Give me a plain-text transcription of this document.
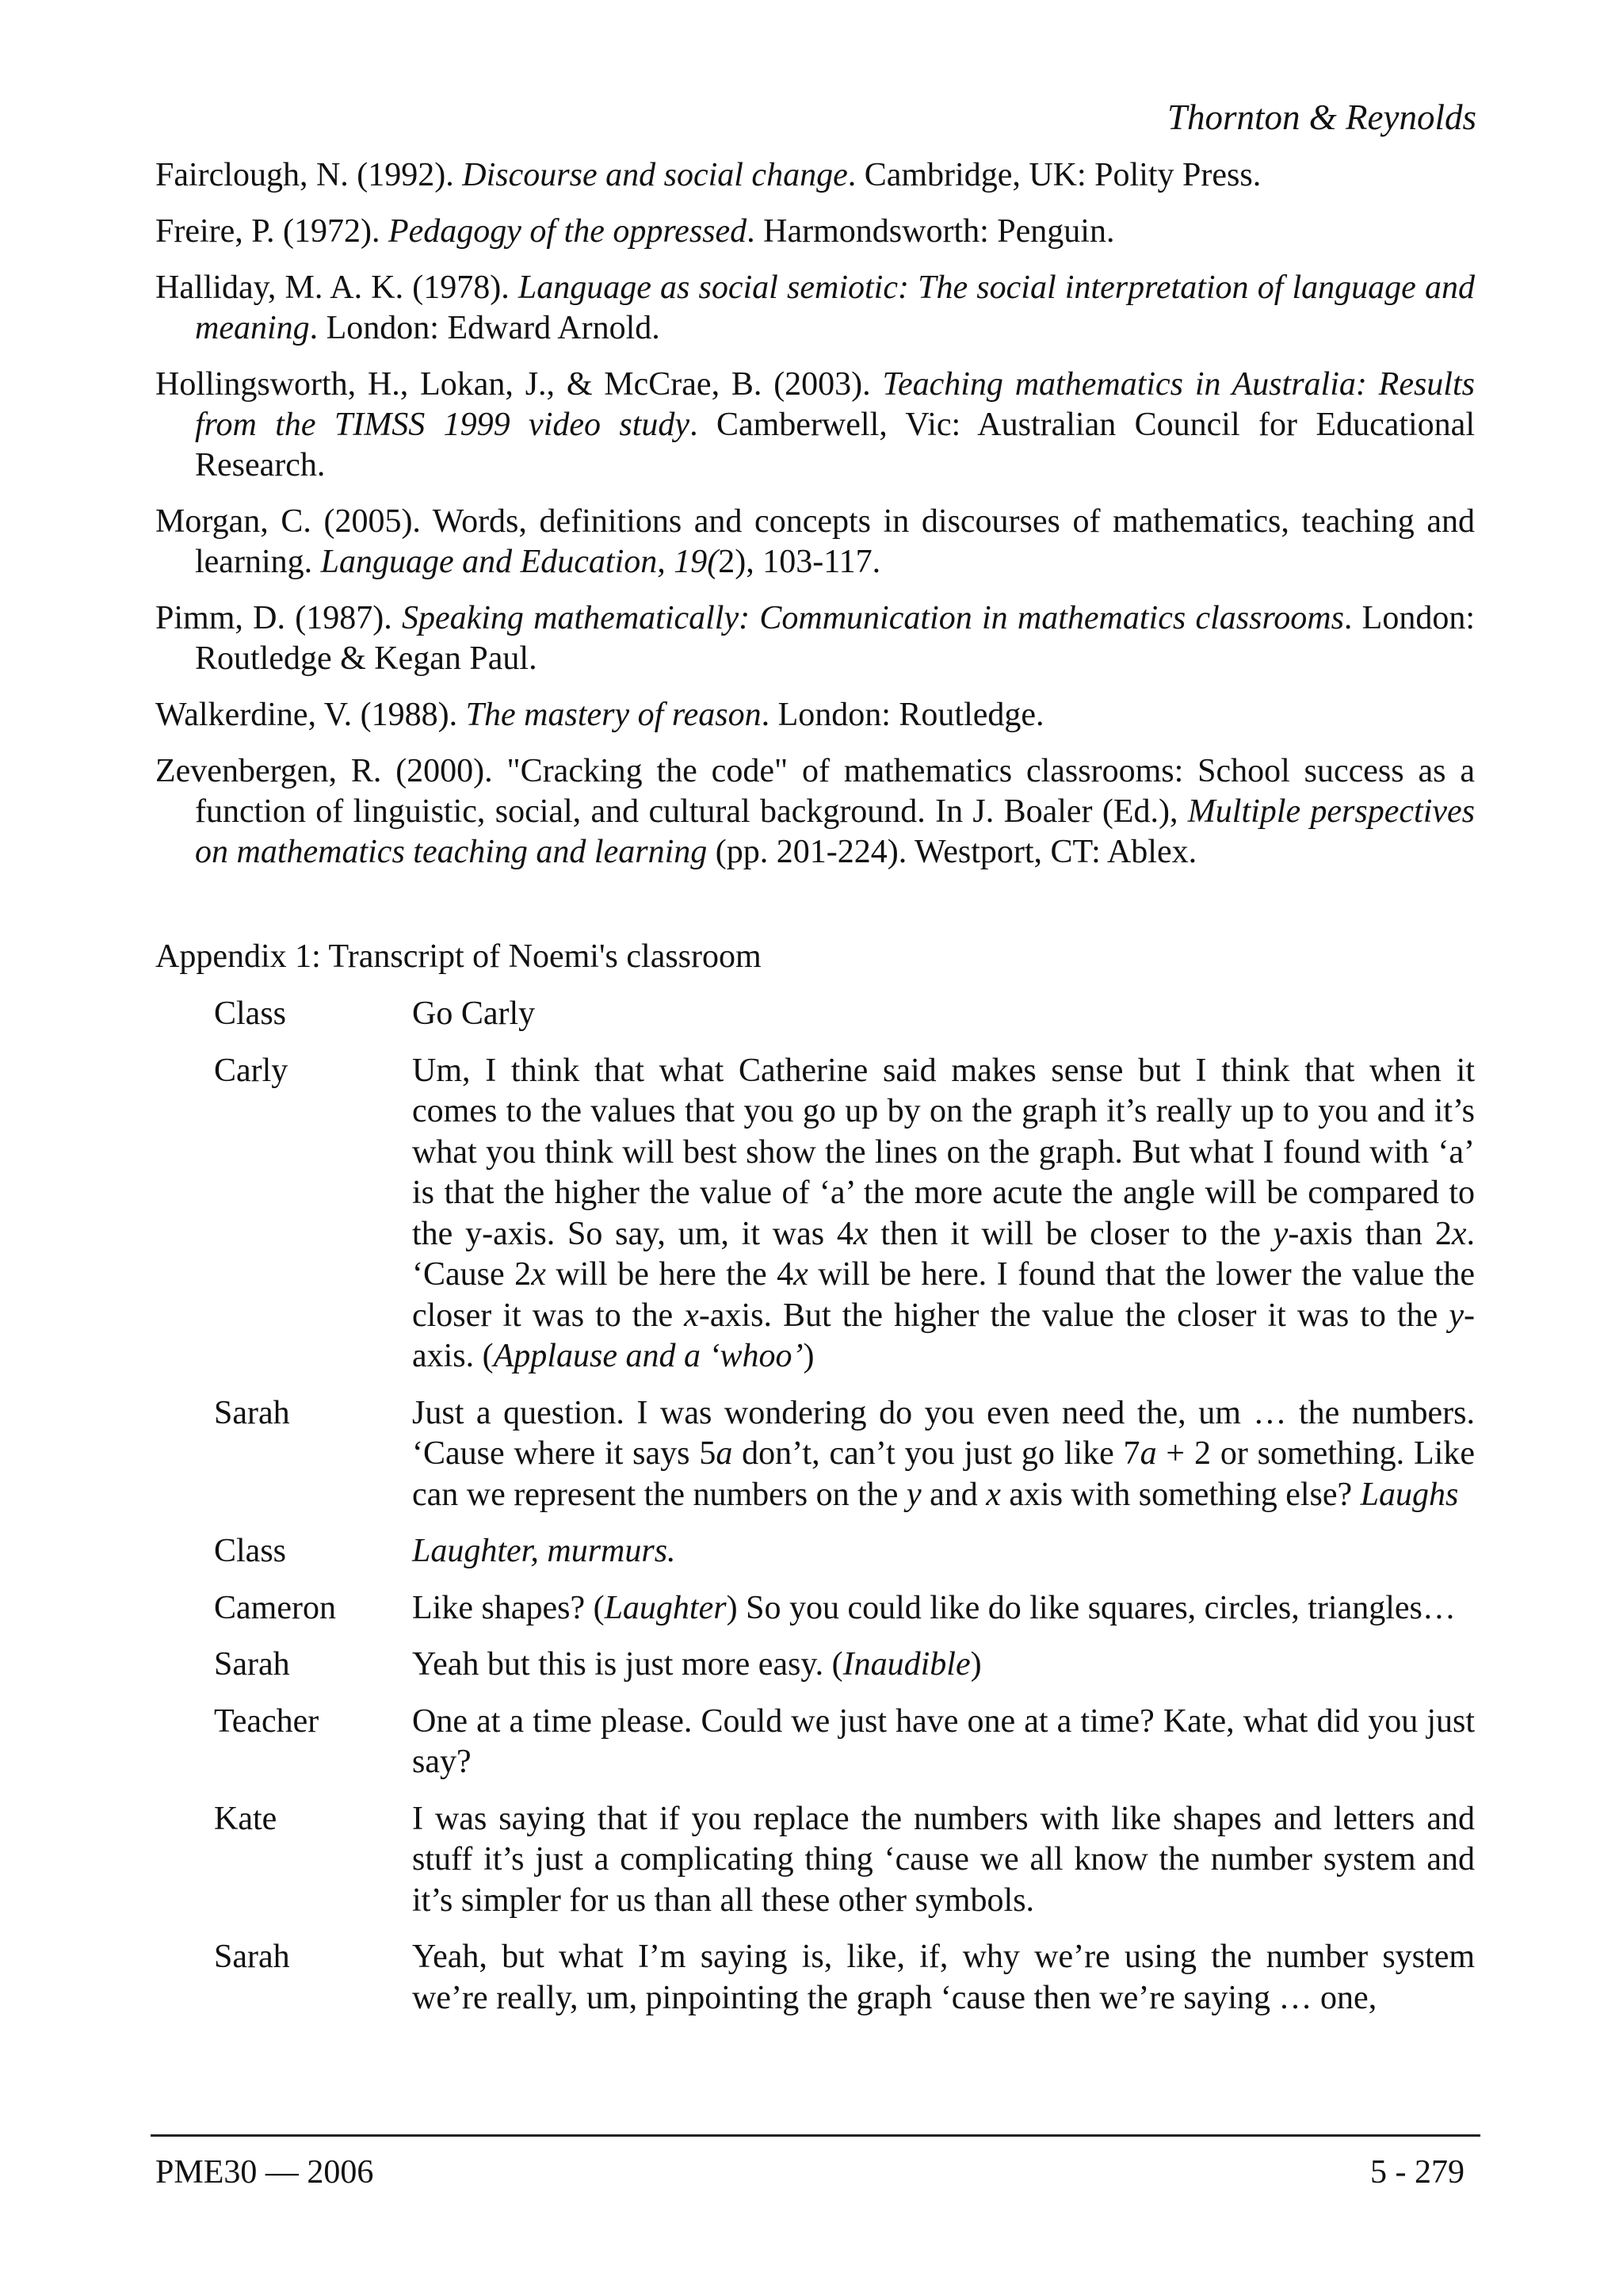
Thornton & Reynolds

Fairclough, N. (1992). Discourse and social change. Cambridge, UK: Polity Press.

Freire, P. (1972). Pedagogy of the oppressed. Harmondsworth: Penguin.

Halliday, M. A. K. (1978). Language as social semiotic: The social interpretation of language and meaning. London: Edward Arnold.

Hollingsworth, H., Lokan, J., & McCrae, B. (2003). Teaching mathematics in Australia: Results from the TIMSS 1999 video study. Camberwell, Vic: Australian Council for Educational Research.

Morgan, C. (2005). Words, definitions and concepts in discourses of mathematics, teaching and learning. Language and Education, 19(2), 103-117.

Pimm, D. (1987). Speaking mathematically: Communication in mathematics classrooms. London: Routledge & Kegan Paul.

Walkerdine, V. (1988). The mastery of reason. London: Routledge.

Zevenbergen, R. (2000). "Cracking the code" of mathematics classrooms: School success as a function of linguistic, social, and cultural background. In J. Boaler (Ed.), Multiple perspectives on mathematics teaching and learning (pp. 201-224). Westport, CT: Ablex.

Appendix 1: Transcript of Noemi's classroom
Class	Go Carly
Carly	Um, I think that what Catherine said makes sense but I think that when it comes to the values that you go up by on the graph it’s really up to you and it’s what you think will best show the lines on the graph. But what I found with ‘a’ is that the higher the value of ‘a’ the more acute the angle will be compared to the y-axis. So say, um, it was 4x then it will be closer to the y-axis than 2x. ‘Cause 2x will be here the 4x will be here. I found that the lower the value the closer it was to the x-axis. But the higher the value the closer it was to the y-axis. (Applause and a ‘whoo’)
Sarah	Just a question. I was wondering do you even need the, um … the numbers. ‘Cause where it says 5a don’t, can’t you just go like 7a + 2 or something. Like can we represent the numbers on the y and x axis with something else? Laughs
Class	Laughter, murmurs.
Cameron	Like shapes? (Laughter) So you could like do like squares, circles, triangles…
Sarah	Yeah but this is just more easy. (Inaudible)
Teacher	One at a time please. Could we just have one at a time? Kate, what did you just say?
Kate	I was saying that if you replace the numbers with like shapes and letters and stuff it’s just a complicating thing ‘cause we all know the number system and it’s simpler for us than all these other symbols.
Sarah	Yeah, but what I’m saying is, like, if, why we’re using the number system we’re really, um, pinpointing the graph ‘cause then we’re saying … one,
PME30 — 2006	5 - 279
